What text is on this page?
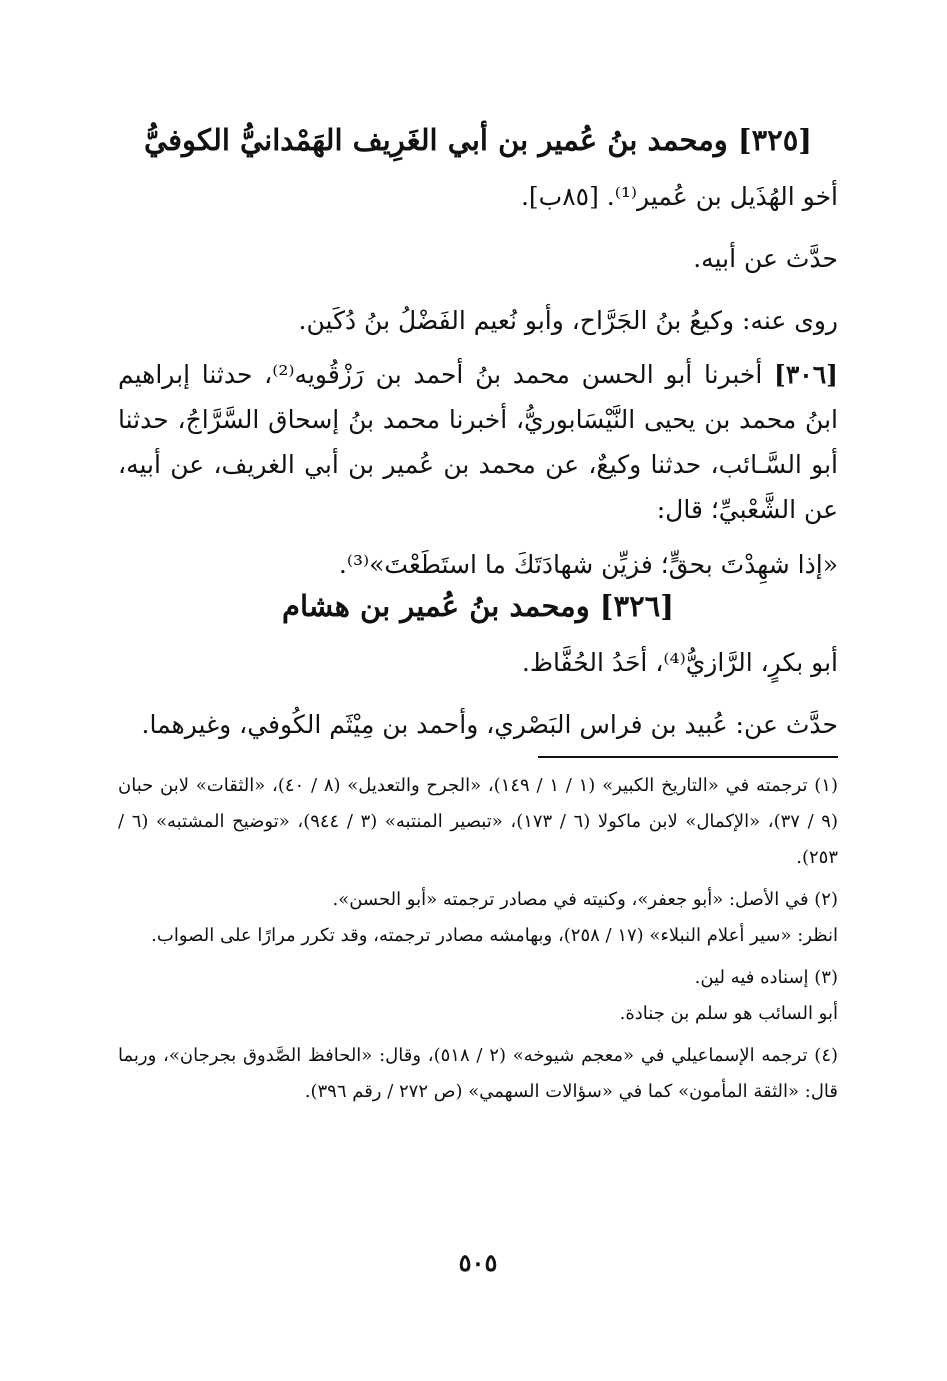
[٣٢٥] ومحمد بنُ عُمير بن أبي الغَرِيف الهَمْدانيُّ الكوفيُّ

أخو الهُذَيل بن عُمير⁽¹⁾. [٨٥ب].

حدَّث عن أبيه.

روى عنه: وكيعُ بنُ الجَرَّاح، وأبو نُعيم الفَضْلُ بنُ دُكَين.

[٣٠٦] أخبرنا أبو الحسن محمد بنُ أحمد بن رَزْقُويه⁽²⁾، حدثنا إبراهيم ابنُ محمد بن يحيى النَّيْسَابوريُّ، أخبرنا محمد بنُ إسحاق السَّرَّاجُ، حدثنا أبو السَّـائب، حدثنا وكيعٌ، عن محمد بن عُمير بن أبي الغريف، عن أبيه، عن الشَّعْبيِّ؛ قال:

«إذا شهِدْتَ بحقٍّ؛ فزيِّن شهادَتَكَ ما استَطَعْتَ»⁽³⁾.

[٣٢٦] ومحمد بنُ عُمير بن هشام

أبو بكرٍ، الرَّازيُّ⁽⁴⁾، أحَدُ الحُفَّاظ.

حدَّث عن: عُبيد بن فراس البَصْري، وأحمد بن مِيْثَم الكُوفي، وغيرهما.

(١) ترجمته في «التاريخ الكبير» (١ / ١ / ١٤٩)، «الجرح والتعديل» (٨ / ٤٠)، «الثقات» لابن حبان (٩ / ٣٧)، «الإكمال» لابن ماكولا (٦ / ١٧٣)، «تبصير المنتبه» (٣ / ٩٤٤)، «توضيح المشتبه» (٦ / ٢٥٣).

(٢) في الأصل: «أبو جعفر»، وكنيته في مصادر ترجمته «أبو الحسن».

انظر: «سير أعلام النبلاء» (١٧ / ٢٥٨)، وبهامشه مصادر ترجمته، وقد تكرر مرارًا على الصواب.

(٣) إسناده فيه لين.

أبو السائب هو سلم بن جنادة.

(٤) ترجمه الإسماعيلي في «معجم شيوخه» (٢ / ٥١٨)، وقال: «الحافظ الصَّدوق بجرجان»، وربما قال: «الثقة المأمون» كما في «سؤالات السهمي» (ص ٢٧٢ / رقم ٣٩٦).

٥٠٥
